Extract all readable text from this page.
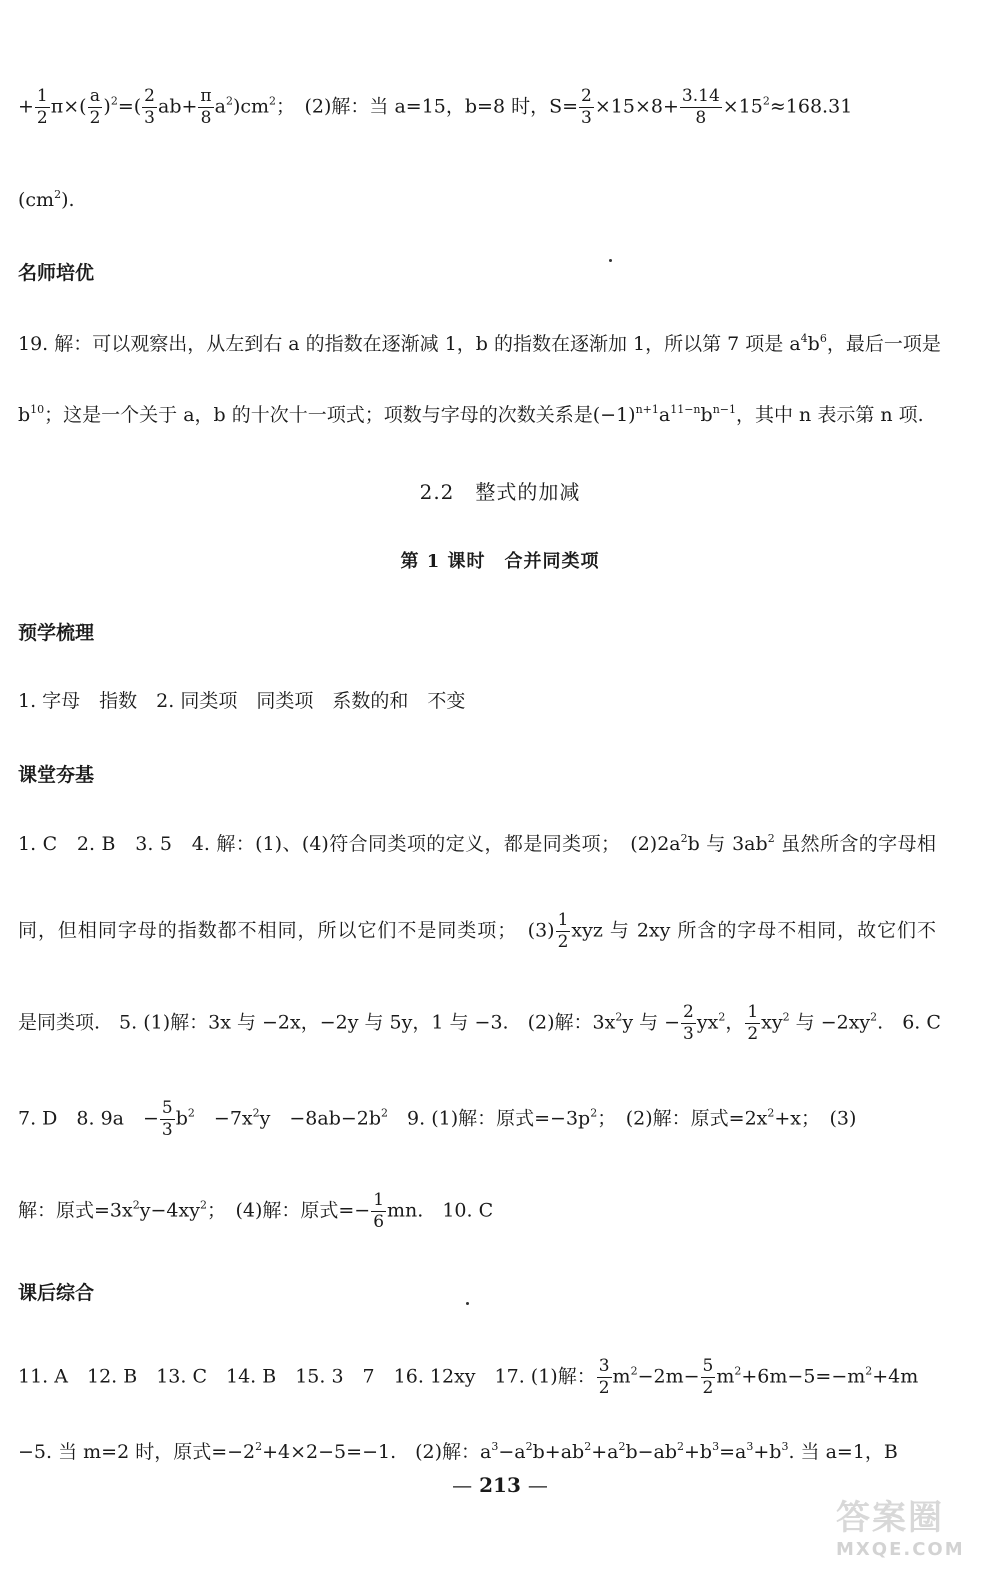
+ $\frac{1}{2} \pi\times( \frac{a}{2} )^2=( \frac{2}{3} ab+ \frac{\pi}{8} a^2)cm^2$；　(2)解：当 a=15，b=8 时，$S= \frac{2}{3} \times 15\times 8+ \frac{3.14}{8} \times 15^2\approx 168.31$
$(cm^2)$.
名师培优
19. 解：可以观察出，从左到右 a 的指数在逐渐减 1，b 的指数在逐渐加 1，所以第 7 项是 $a^4b^6$，最后一项是
$b^{10}$；这是一个关于 a，b 的十次十一项式；项数与字母的次数关系是$(-1)^{n+1}a^{11-n}b^{n-1}$，其中 n 表示第 n 项.
2.2　整式的加减
第 1 课时　合并同类项
预学梳理
1. 字母　指数　2. 同类项　同类项　系数的和　不变
课堂夯基
1. C　2. B　3. 5　4. 解：(1)、(4)符合同类项的定义，都是同类项；　$(2)2a^2b$ 与 $3ab^2$ 虽然所含的字母相
同，但相同字母的指数都不相同，所以它们不是同类项；　$(3) \frac{1}{2}$ xyz 与 2xy 所含的字母不相同，故它们不
是同类项.　5. (1)解：3x 与 −2x，−2y 与 5y，1 与 −3.　(2)解：$3x^2y$ 与 − $\frac{2}{3} yx^2$， $\frac{1}{2} xy^2$ 与 $-2xy^2$.　6. C
7. D　8. 9a　− $\frac{5}{3} b^2$　$-7x^2y$　$-8ab-2b^2$　9. (1)解：原式$=-3p^2$；　(2)解：原式$=2x^2+x$；　(3)
解：原式$=3x^2y-4xy^2$；　(4)解：原式=− $\frac{1}{6}$ mn.　10. C
课后综合
11. A　12. B　13. C　14. B　15. 3　7　16. 12xy　17. (1)解： $\frac{3}{2} m^2-2m- \frac{5}{2} m^2+6m-5=-m^2+4m$
−5. 当 m=2 时，原式$=-2^2+4\times 2-5=-1$.　(2)解：$a^3-a^2b+ab^2+a^2b-ab^2+b^3=a^3+b^3$. 当 a=1，B
— 213 —
答案圈
MXQE.COM
